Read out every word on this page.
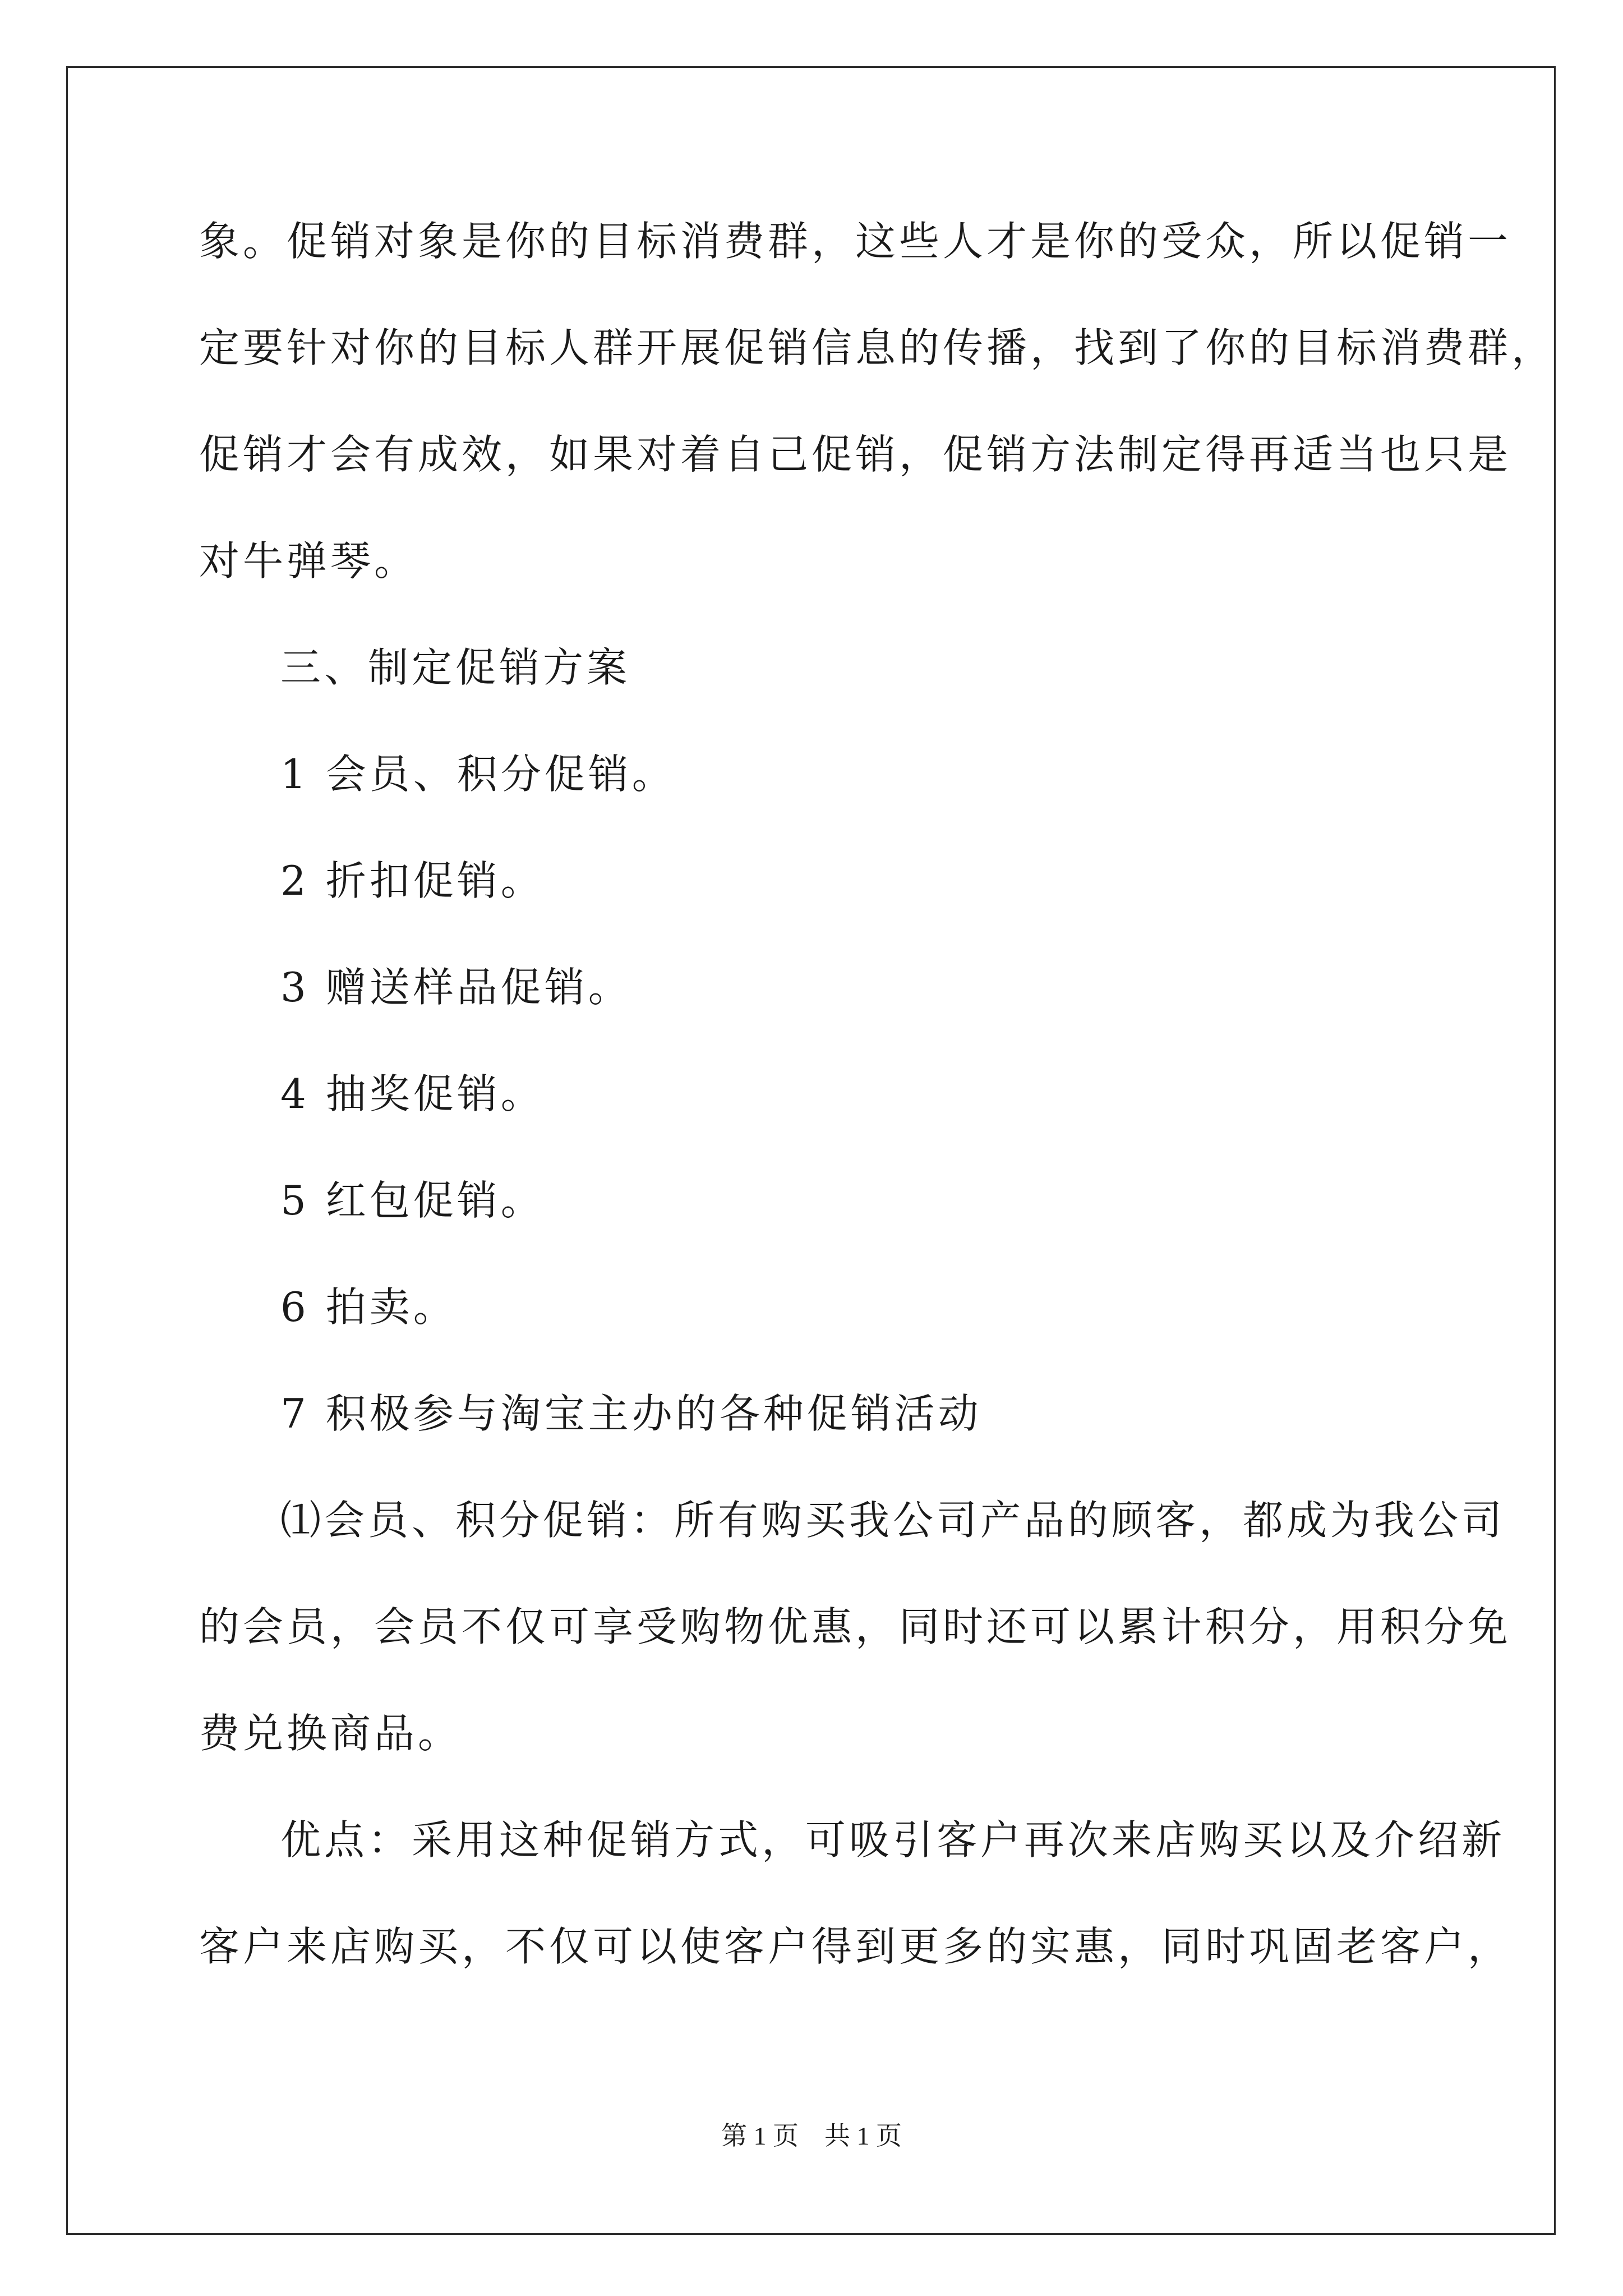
象。促销对象是你的目标消费群，这些人才是你的受众，所以促销一
定要针对你的目标人群开展促销信息的传播，找到了你的目标消费群，
促销才会有成效，如果对着自己促销，促销方法制定得再适当也只是
对牛弹琴。
三、制定促销方案
1 会员、积分促销。
2 折扣促销。
3 赠送样品促销。
4 抽奖促销。
5 红包促销。
6 拍卖。
7 积极参与淘宝主办的各种促销活动
⑴会员、积分促销：所有购买我公司产品的顾客，都成为我公司
的会员，会员不仅可享受购物优惠，同时还可以累计积分，用积分免
费兑换商品。
优点：采用这种促销方式，可吸引客户再次来店购买以及介绍新
客户来店购买，不仅可以使客户得到更多的实惠，同时巩固老客户，
第 1 页　共 1 页
